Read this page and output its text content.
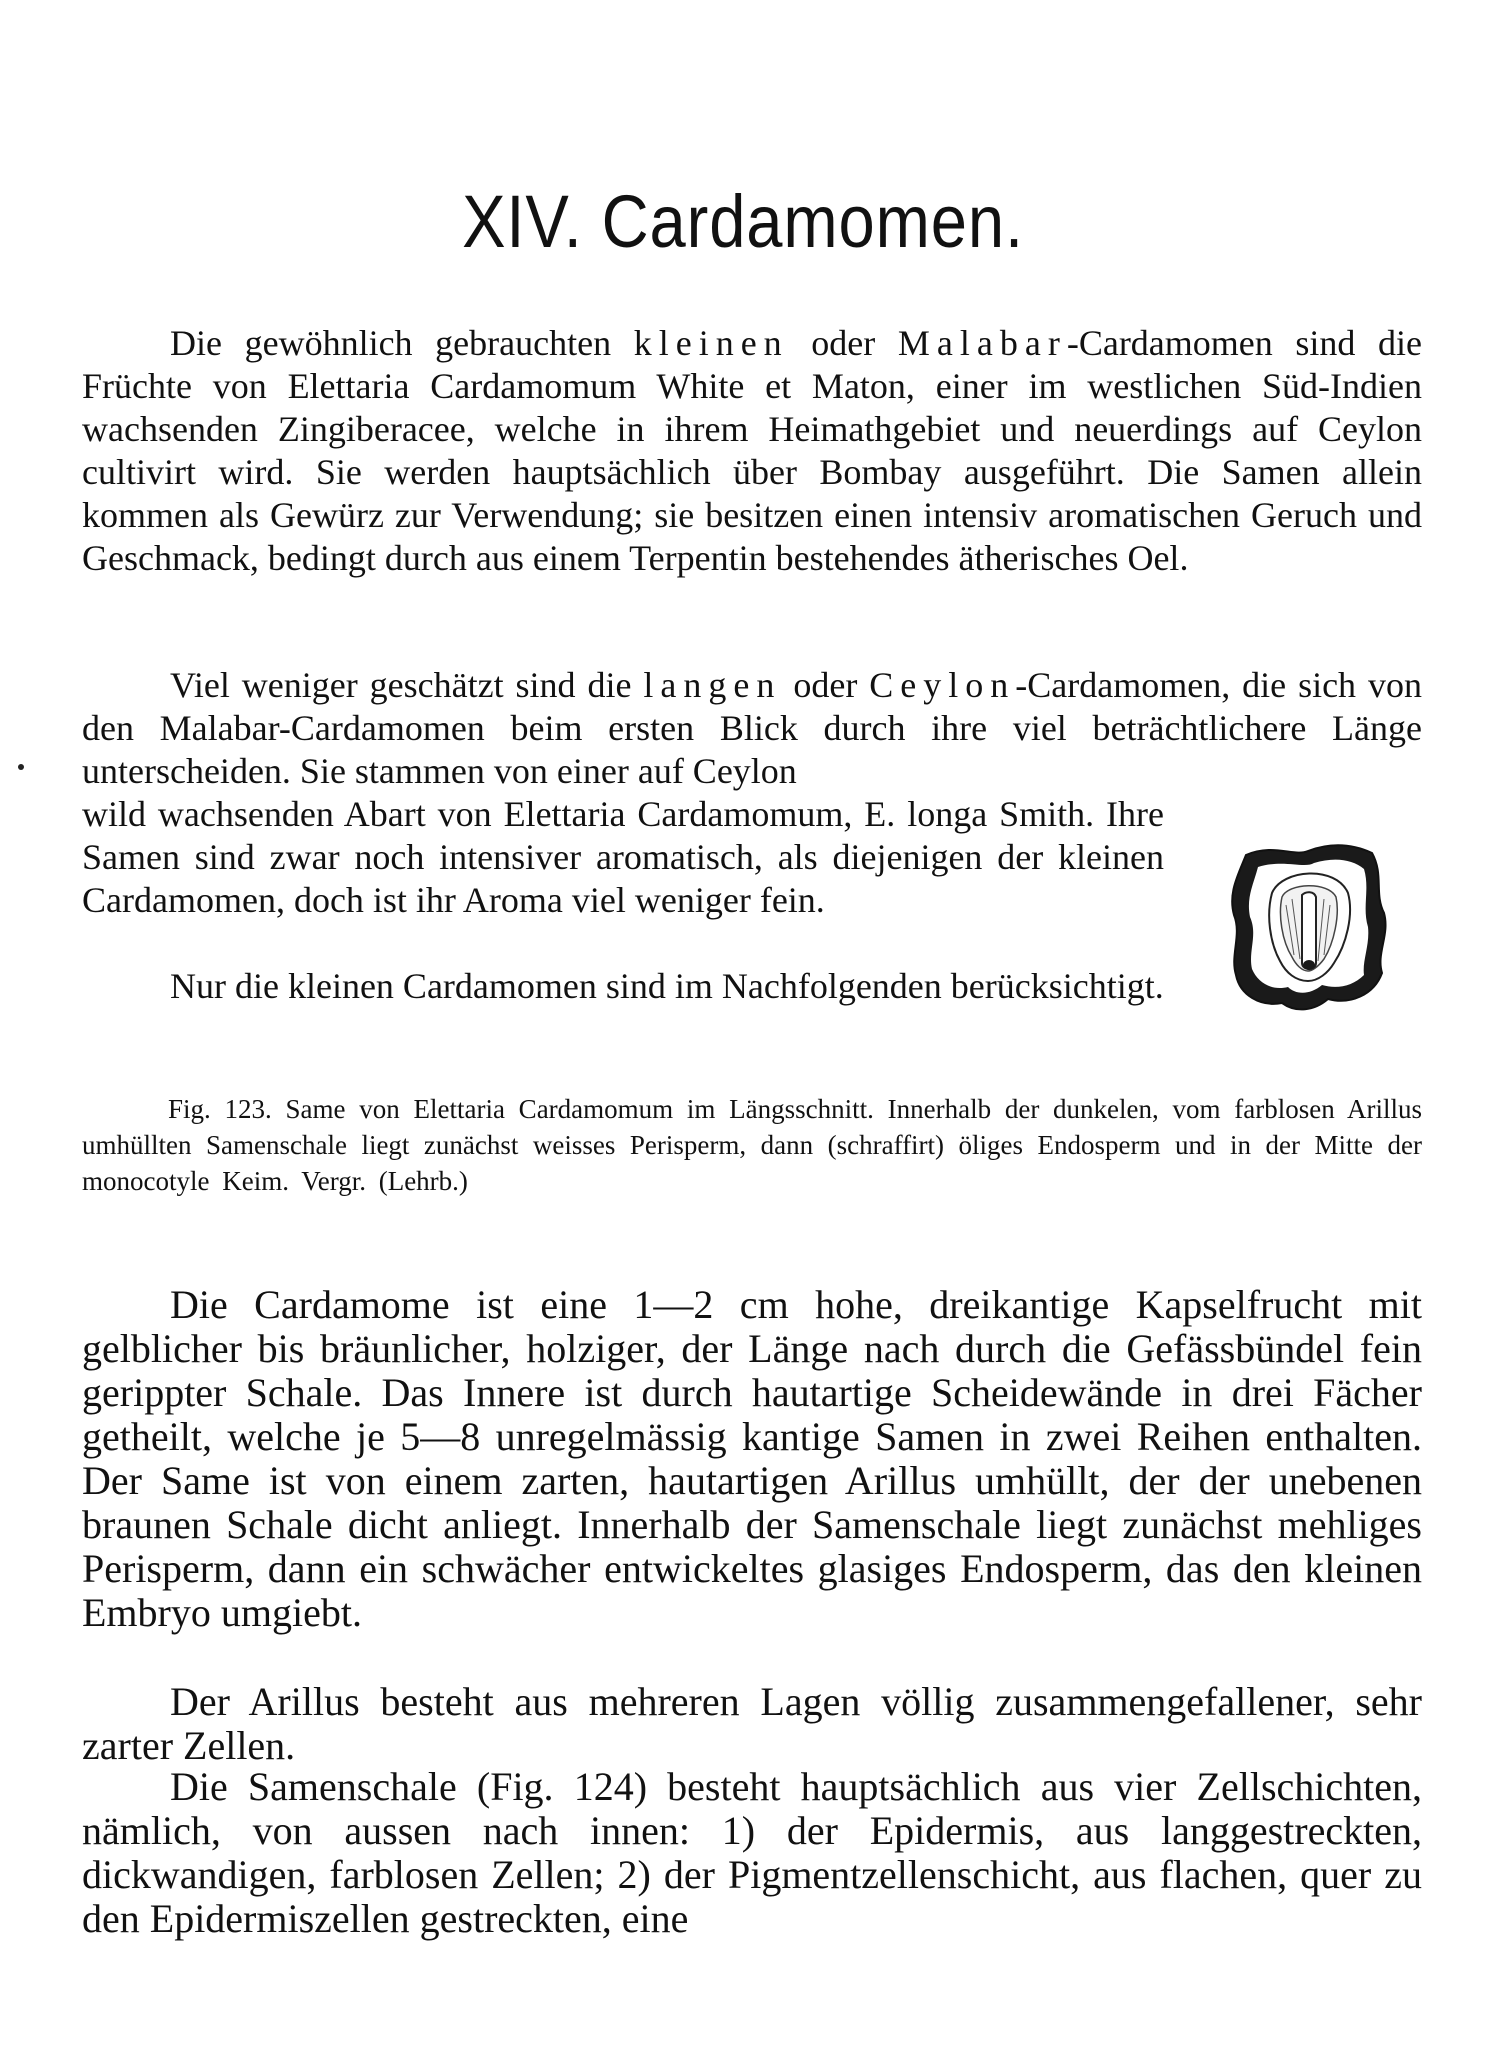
XIV. Cardamomen.

Die gewöhnlich gebrauchten kleinen oder Malabar-Cardamomen sind die Früchte von Elettaria Cardamomum White et Maton, einer im westlichen Süd-Indien wachsenden Zingiberacee, welche in ihrem Heimathgebiet und neuerdings auf Ceylon cultivirt wird. Sie werden hauptsächlich über Bombay ausgeführt. Die Samen allein kommen als Gewürz zur Verwendung; sie besitzen einen intensiv aromatischen Geruch und Geschmack, bedingt durch aus einem Terpentin bestehendes ätherisches Oel.

Viel weniger geschätzt sind die langen oder Ceylon-Cardamomen, die sich von den Malabar-Cardamomen beim ersten Blick durch ihre viel beträchtlichere Länge unterscheiden. Sie stammen von einer auf Ceylon

wild wachsenden Abart von Elettaria Cardamomum, E. longa Smith. Ihre Samen sind zwar noch intensiver aromatisch, als diejenigen der kleinen Cardamomen, doch ist ihr Aroma viel weniger fein.

Nur die kleinen Cardamomen sind im Nachfolgenden berücksichtigt.

Fig. 123. Same von Elettaria Cardamomum im Längsschnitt. Innerhalb der dunkelen, vom farblosen Arillus umhüllten Samenschale liegt zunächst weisses Perisperm, dann (schraffirt) öliges Endosperm und in der Mitte der monocotyle Keim. Vergr. (Lehrb.)

Die Cardamome ist eine 1—2 cm hohe, dreikantige Kapselfrucht mit gelblicher bis bräunlicher, holziger, der Länge nach durch die Gefässbündel fein gerippter Schale. Das Innere ist durch hautartige Scheidewände in drei Fächer getheilt, welche je 5—8 unregelmässig kantige Samen in zwei Reihen enthalten. Der Same ist von einem zarten, hautartigen Arillus umhüllt, der der unebenen braunen Schale dicht anliegt. Innerhalb der Samenschale liegt zunächst mehliges Perisperm, dann ein schwächer entwickeltes glasiges Endosperm, das den kleinen Embryo umgiebt.

Der Arillus besteht aus mehreren Lagen völlig zusammengefallener, sehr zarter Zellen.

Die Samenschale (Fig. 124) besteht hauptsächlich aus vier Zellschichten, nämlich, von aussen nach innen: 1) der Epidermis, aus langgestreckten, dickwandigen, farblosen Zellen; 2) der Pigmentzellenschicht, aus flachen, quer zu den Epidermiszellen gestreckten, eine
